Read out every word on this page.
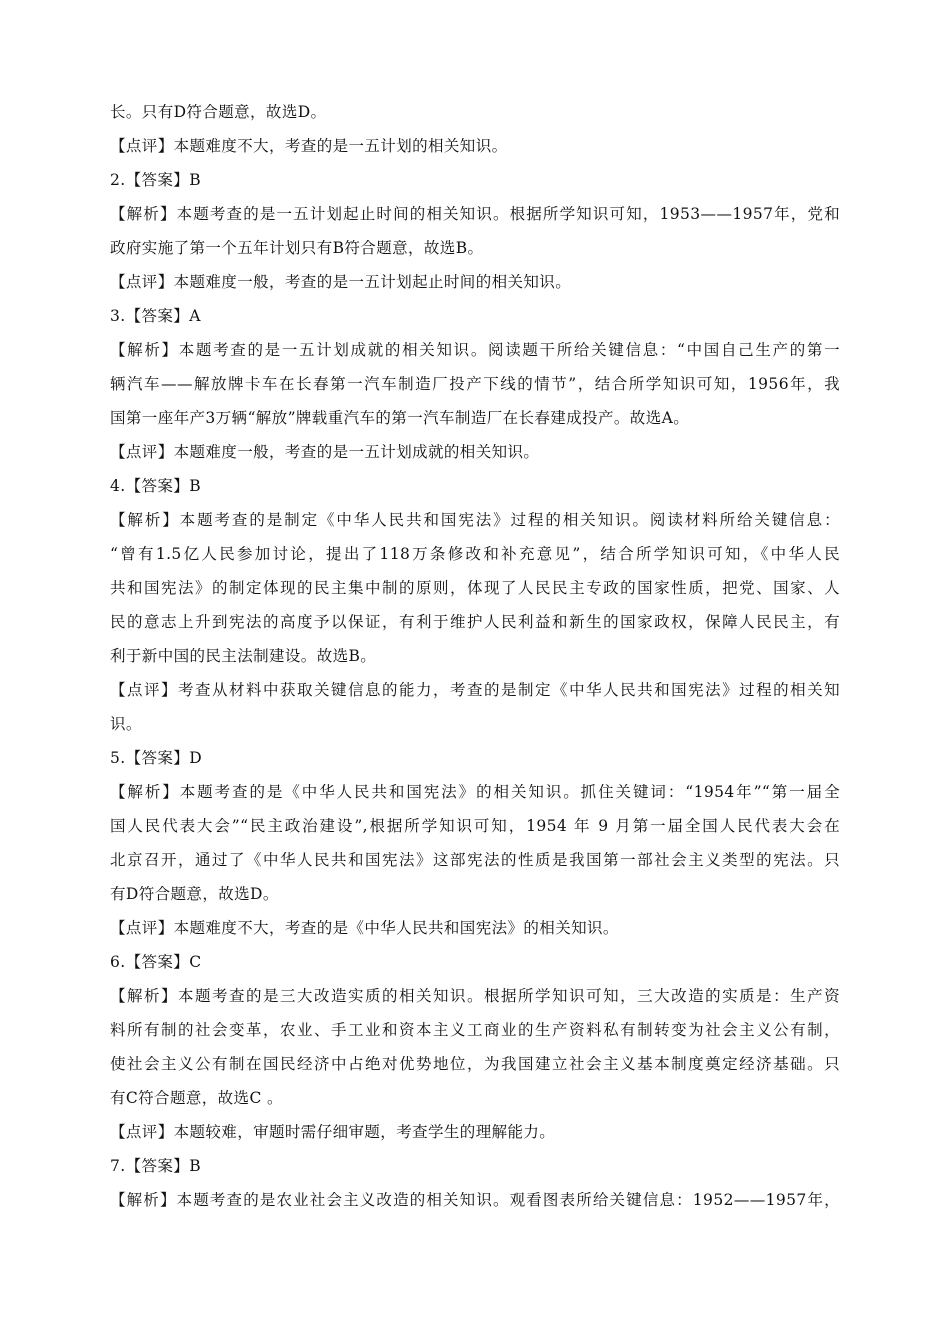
长。只有D符合题意，故选D。
【点评】本题难度不大，考查的是一五计划的相关知识。
2.【答案】B
【解析】本题考查的是一五计划起止时间的相关知识。根据所学知识可知，1953——1957年，党和
政府实施了第一个五年计划只有B符合题意，故选B。
【点评】本题难度一般，考查的是一五计划起止时间的相关知识。
3.【答案】A
【解析】本题考查的是一五计划成就的相关知识。阅读题干所给关键信息：“中国自己生产的第一
辆汽车——解放牌卡车在长春第一汽车制造厂投产下线的情节”，结合所学知识可知，1956年，我
国第一座年产3万辆“解放”牌载重汽车的第一汽车制造厂在长春建成投产。故选A。
【点评】本题难度一般，考查的是一五计划成就的相关知识。
4.【答案】B
【解析】本题考查的是制定《中华人民共和国宪法》过程的相关知识。阅读材料所给关键信息：
“曾有1.5亿人民参加讨论，提出了118万条修改和补充意见”，结合所学知识可知，《中华人民
共和国宪法》的制定体现的民主集中制的原则，体现了人民民主专政的国家性质，把党、国家、人
民的意志上升到宪法的高度予以保证，有利于维护人民利益和新生的国家政权，保障人民民主，有
利于新中国的民主法制建设。故选B。
【点评】考查从材料中获取关键信息的能力，考查的是制定《中华人民共和国宪法》过程的相关知
识。
5.【答案】D
【解析】本题考查的是《中华人民共和国宪法》的相关知识。抓住关键词：“1954年”“第一届全
国人民代表大会”“民主政治建设”,根据所学知识可知，1954 年 9 月第一届全国人民代表大会在
北京召开，通过了《中华人民共和国宪法》这部宪法的性质是我国第一部社会主义类型的宪法。只
有D符合题意，故选D。
【点评】本题难度不大，考查的是《中华人民共和国宪法》的相关知识。
6.【答案】C
【解析】本题考查的是三大改造实质的相关知识。根据所学知识可知，三大改造的实质是：生产资
料所有制的社会变革，农业、手工业和资本主义工商业的生产资料私有制转变为社会主义公有制，
使社会主义公有制在国民经济中占绝对优势地位，为我国建立社会主义基本制度奠定经济基础。只
有C符合题意，故选C 。
【点评】本题较难，审题时需仔细审题，考查学生的理解能力。
7.【答案】B
【解析】本题考查的是农业社会主义改造的相关知识。观看图表所给关键信息：1952——1957年，
